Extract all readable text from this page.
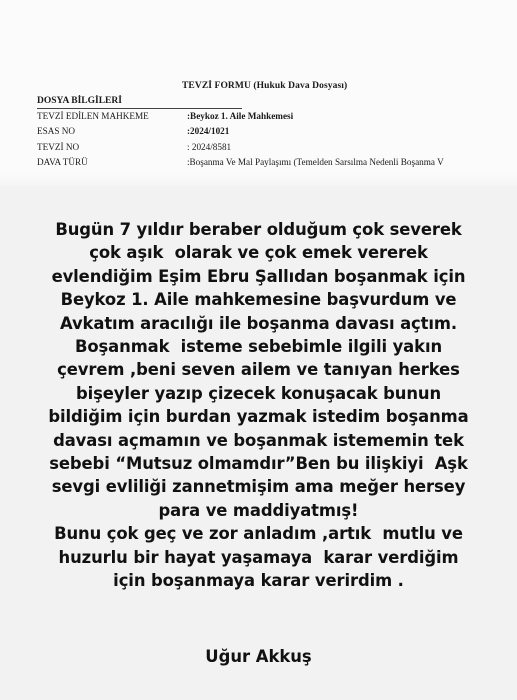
TEVZİ FORMU (Hukuk Dava Dosyası)
DOSYA BİLGİLERİ
TEVZİ EDİLEN MAHKEME	:Beykoz 1. Aile Mahkemesi
ESAS NO	:2024/1021
TEVZİ NO	: 2024/8581
DAVA TÜRÜ	:Boşanma Ve Mal Paylaşımı (Temelden Sarsılma Nedenli Boşanma V
Bugün 7 yıldır beraber olduğum çok severek
çok aşık  olarak ve çok emek vererek
evlendiğim Eşim Ebru Şallıdan boşanmak için
Beykoz 1. Aile mahkemesine başvurdum ve
Avkatım aracılığı ile boşanma davası açtım.
Boşanmak  isteme sebebimle ilgili yakın
çevrem ,beni seven ailem ve tanıyan herkes
bişeyler yazıp çizecek konuşacak bunun
bildiğim için burdan yazmak istedim boşanma
davası açmamın ve boşanmak istememin tek
sebebi “Mutsuz olmamdır”Ben bu ilişkiyi  Aşk
sevgi evliliği zannetmişim ama meğer hersey
para ve maddiyatmış!
Bunu çok geç ve zor anladım ,artık  mutlu ve
huzurlu bir hayat yaşamaya  karar verdiğim
için boşanmaya karar verirdim .
Uğur Akkuş
